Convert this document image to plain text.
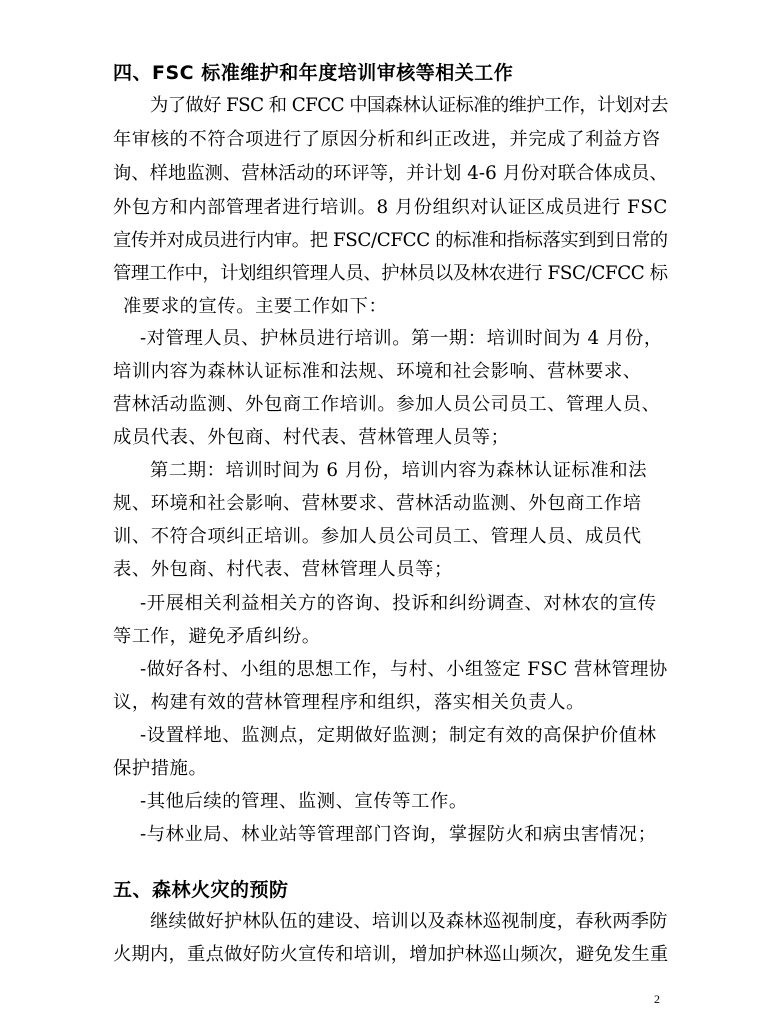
四、FSC 标准维护和年度培训审核等相关工作
为了做好 FSC 和 CFCC 中国森林认证标准的维护工作，计划对去
年审核的不符合项进行了原因分析和纠正改进，并完成了利益方咨
询、样地监测、营林活动的环评等，并计划 4-6 月份对联合体成员、
外包方和内部管理者进行培训。8 月份组织对认证区成员进行 FSC
宣传并对成员进行内审。把 FSC/CFCC 的标准和指标落实到到日常的
管理工作中，计划组织管理人员、护林员以及林农进行 FSC/CFCC 标
准要求的宣传。主要工作如下：
-对管理人员、护林员进行培训。第一期：培训时间为 4 月份，
培训内容为森林认证标准和法规、环境和社会影响、营林要求、
营林活动监测、外包商工作培训。参加人员公司员工、管理人员、
成员代表、外包商、村代表、营林管理人员等；
第二期：培训时间为 6 月份，培训内容为森林认证标准和法
规、环境和社会影响、营林要求、营林活动监测、外包商工作培
训、不符合项纠正培训。参加人员公司员工、管理人员、成员代
表、外包商、村代表、营林管理人员等；
-开展相关利益相关方的咨询、投诉和纠纷调查、对林农的宣传
等工作，避免矛盾纠纷。
-做好各村、小组的思想工作，与村、小组签定 FSC 营林管理协
议，构建有效的营林管理程序和组织，落实相关负责人。
-设置样地、监测点，定期做好监测；制定有效的高保护价值林
保护措施。
-其他后续的管理、监测、宣传等工作。
-与林业局、林业站等管理部门咨询，掌握防火和病虫害情况；
五、森林火灾的预防
继续做好护林队伍的建设、培训以及森林巡视制度，春秋两季防
火期内，重点做好防火宣传和培训，增加护林巡山频次，避免发生重
2
